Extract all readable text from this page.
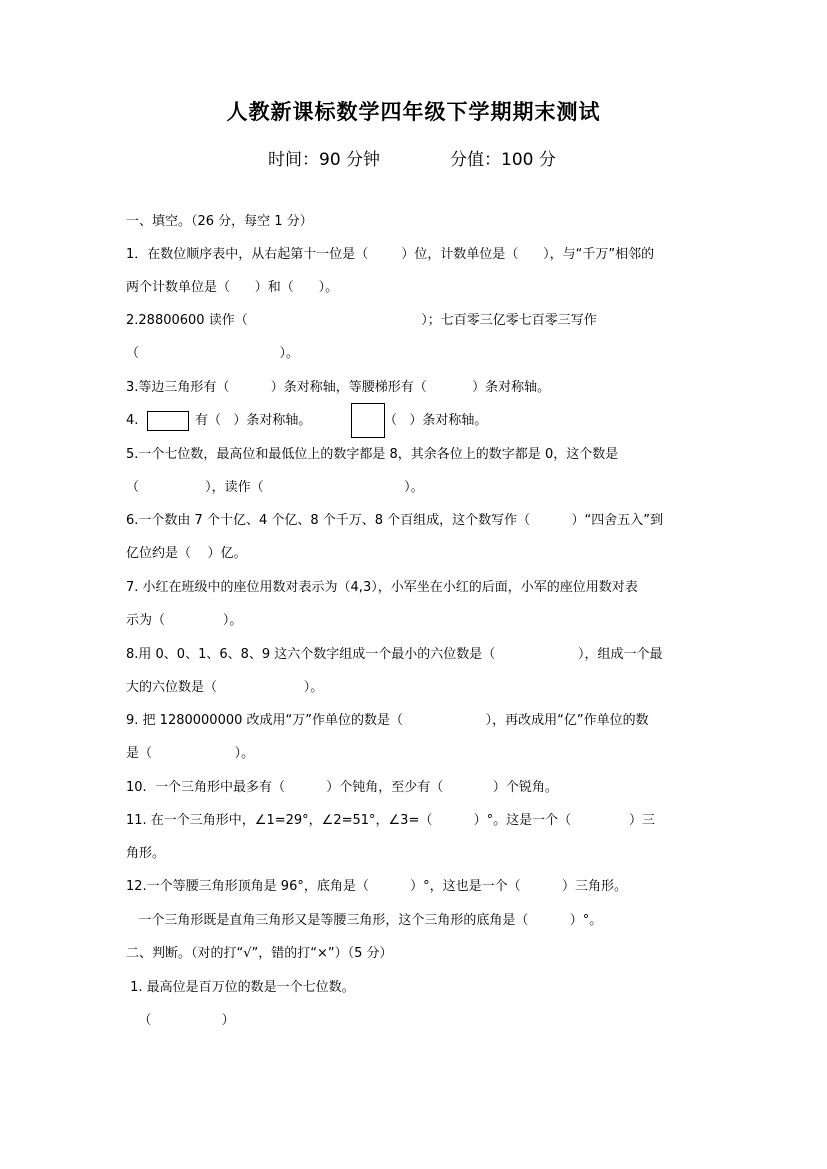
人教新课标数学四年级下学期期末测试
时间：90 分钟	分值：100 分
一、填空。（26 分，每空 1 分）
1．在数位顺序表中，从右起第十一位是（        ）位，计数单位是（      ），与“千万”相邻的
两个计数单位是（      ）和（      ）。
2.28800600 读作（                                          ）；七百零三亿零七百零三写作
（                                  ）。
3.等边三角形有（          ）条对称轴，等腰梯形有（           ）条对称轴。
4.	有（   ）条对称轴。	（   ）条对称轴。
5.一个七位数，最高位和最低位上的数字都是 8，其余各位上的数字都是 0，这个数是
（                ），读作（                                  ）。
6.一个数由 7 个十亿、4 个亿、8 个千万、8 个百组成，这个数写作（          ）“四舍五入”到
亿位约是（    ）亿。
7. 小红在班级中的座位用数对表示为（4,3），小军坐在小红的后面，小军的座位用数对表
示为（              ）。
8.用 0、0、1、6、8、9 这六个数字组成一个最小的六位数是（                    ），组成一个最
大的六位数是（                     ）。
9. 把 1280000000 改成用“万”作单位的数是（                    ），再改成用“亿”作单位的数
是（                    ）。
10.  一个三角形中最多有（          ）个钝角，至少有（            ）个锐角。
11. 在一个三角形中，∠1=29°，∠2=51°，∠3=（          ）°。这是一个（              ）三
角形。
12.一个等腰三角形顶角是 96°，底角是（          ）°，这也是一个（          ）三角形。
一个三角形既是直角三角形又是等腰三角形，这个三角形的底角是（          ）°。
二、判断。（对的打“√”，错的打“×”）（5 分）
1. 最高位是百万位的数是一个七位数。
（                 ）
